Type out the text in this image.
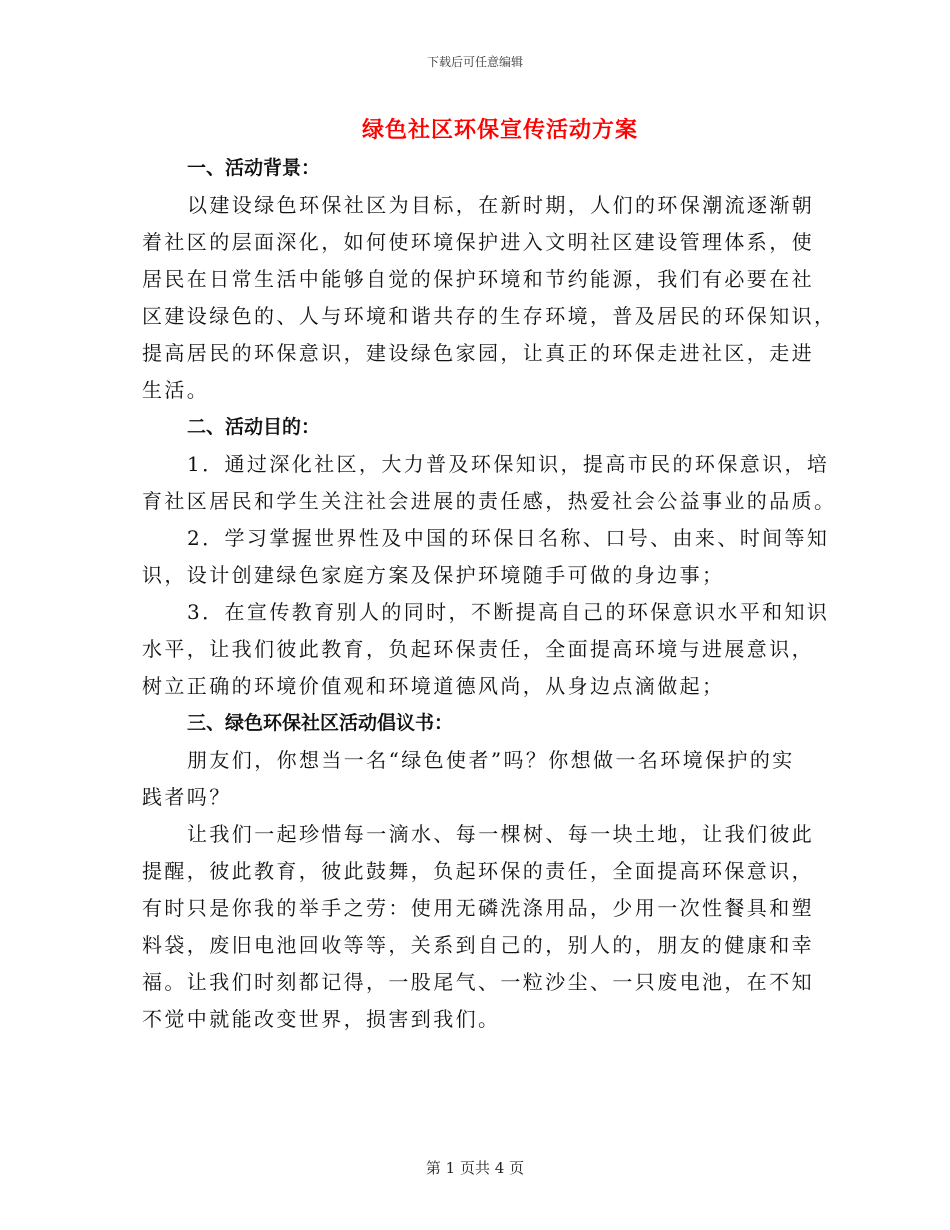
下载后可任意编辑
绿色社区环保宣传活动方案
一、活动背景：

以建设绿色环保社区为目标，在新时期，人们的环保潮流逐渐朝
着社区的层面深化，如何使环境保护进入文明社区建设管理体系，使
居民在日常生活中能够自觉的保护环境和节约能源，我们有必要在社
区建设绿色的、人与环境和谐共存的生存环境，普及居民的环保知识，
提高居民的环保意识，建设绿色家园，让真正的环保走进社区，走进
生活。

二、活动目的：

1．通过深化社区，大力普及环保知识，提高市民的环保意识，培
育社区居民和学生关注社会进展的责任感，热爱社会公益事业的品质。

2．学习掌握世界性及中国的环保日名称、口号、由来、时间等知
识，设计创建绿色家庭方案及保护环境随手可做的身边事；

3．在宣传教育别人的同时，不断提高自己的环保意识水平和知识
水平，让我们彼此教育，负起环保责任，全面提高环境与进展意识，
树立正确的环境价值观和环境道德风尚，从身边点滴做起；

三、绿色环保社区活动倡议书：

朋友们，你想当一名“绿色使者”吗？你想做一名环境保护的实
践者吗？

让我们一起珍惜每一滴水、每一棵树、每一块土地，让我们彼此
提醒，彼此教育，彼此鼓舞，负起环保的责任，全面提高环保意识，
有时只是你我的举手之劳：使用无磷洗涤用品，少用一次性餐具和塑
料袋，废旧电池回收等等，关系到自己的，别人的，朋友的健康和幸
福。让我们时刻都记得，一股尾气、一粒沙尘、一只废电池，在不知
不觉中就能改变世界，损害到我们。

第 1 页共 4 页
